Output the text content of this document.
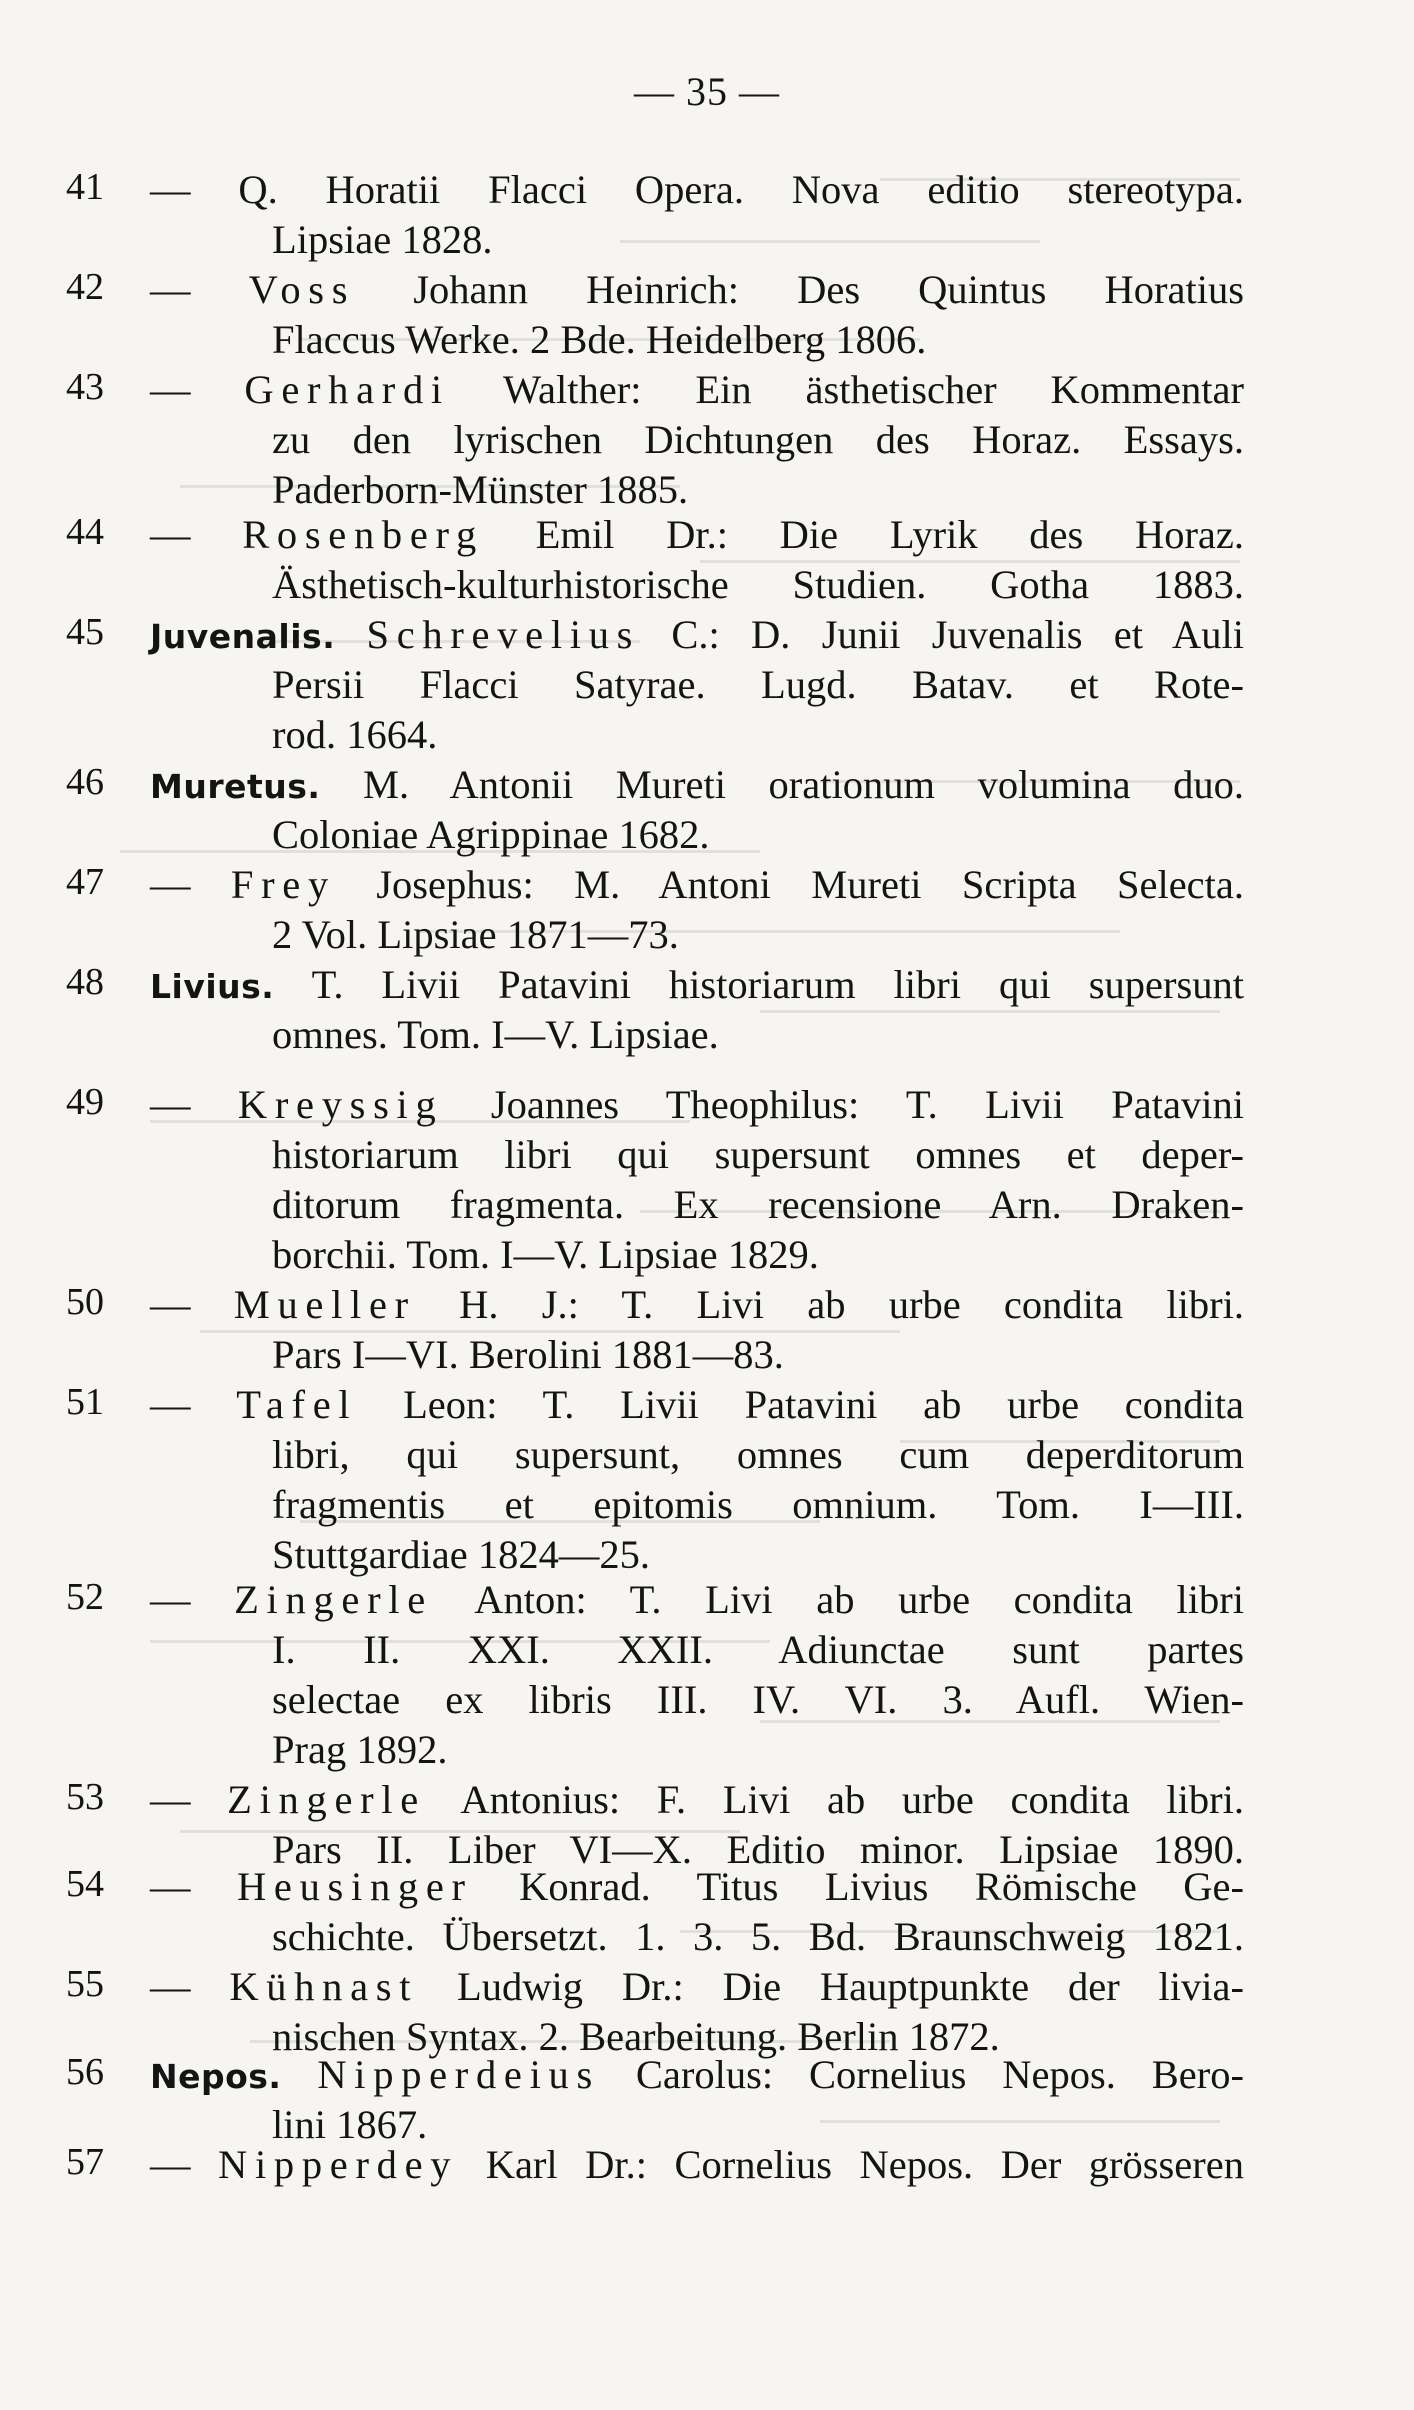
— 35 —
41 — Q. Horatii Flacci Opera. Nova editio stereotypa.
Lipsiae 1828.
42 — Voss Johann Heinrich: Des Quintus Horatius
Flaccus Werke. 2 Bde. Heidelberg 1806.
43 — Gerhardi Walther: Ein ästhetischer Kommentar
zu den lyrischen Dichtungen des Horaz. Essays.
Paderborn-Münster 1885.
44 — Rosenberg Emil Dr.: Die Lyrik des Horaz.
Ästhetisch-kulturhistorische Studien. Gotha 1883.
45 Juvenalis. Schrevelius C.: D. Junii Juvenalis et Auli
Persii Flacci Satyrae. Lugd. Batav. et Rote-
rod. 1664.
46 Muretus. M. Antonii Mureti orationum volumina duo.
Coloniae Agrippinae 1682.
47 — Frey Josephus: M. Antoni Mureti Scripta Selecta.
2 Vol. Lipsiae 1871—73.
48 Livius. T. Livii Patavini historiarum libri qui supersunt
omnes. Tom. I—V. Lipsiae.
49 — Kreyssig Joannes Theophilus: T. Livii Patavini
historiarum libri qui supersunt omnes et deper-
ditorum fragmenta. Ex recensione Arn. Draken-
borchii. Tom. I—V. Lipsiae 1829.
50 — Mueller H. J.: T. Livi ab urbe condita libri.
Pars I—VI. Berolini 1881—83.
51 — Tafel Leon: T. Livii Patavini ab urbe condita
libri, qui supersunt, omnes cum deperditorum
fragmentis et epitomis omnium. Tom. I—III.
Stuttgardiae 1824—25.
52 — Zingerle Anton: T. Livi ab urbe condita libri
I. II. XXI. XXII. Adiunctae sunt partes
selectae ex libris III. IV. VI. 3. Aufl. Wien-
Prag 1892.
53 — Zingerle Antonius: F. Livi ab urbe condita libri.
Pars II. Liber VI—X. Editio minor. Lipsiae 1890.
54 — Heusinger Konrad. Titus Livius Römische Ge-
schichte. Übersetzt. 1. 3. 5. Bd. Braunschweig 1821.
55 — Kühnast Ludwig Dr.: Die Hauptpunkte der livia-
nischen Syntax. 2. Bearbeitung. Berlin 1872.
56 Nepos. Nipperdeius Carolus: Cornelius Nepos. Bero-
lini 1867.
57 — Nipperdey Karl Dr.: Cornelius Nepos. Der grösseren
